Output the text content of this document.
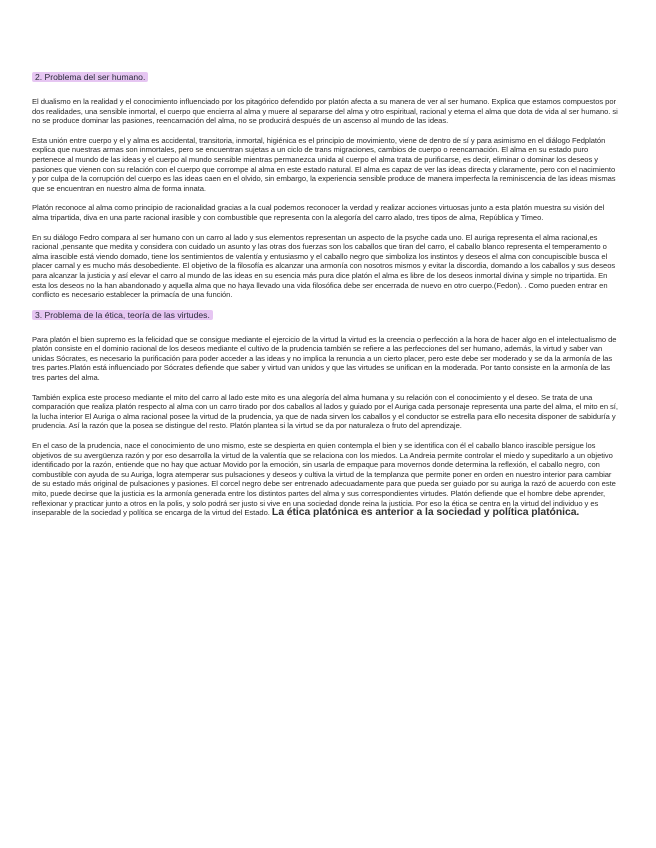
2. Problema del ser humano.

El dualismo en la realidad y el conocimiento influenciado por los pitagórico defendido por platón afecta a su manera de ver al ser humano. Explica que estamos compuestos por dos realidades, una sensible inmortal, el cuerpo que encierra al alma y muere al separarse del alma y otro espiritual, racional y eterna el alma que dota de vida al ser humano. si no se produce dominar las pasiones, reencarnación del alma, no se producirá después de un ascenso al mundo de las ideas.

Esta unión entre cuerpo y el y alma es accidental, transitoria, inmortal, higiénica es el principio de movimiento, viene de dentro de sí y para asimismo en el diálogo Fedplatón explica que nuestras armas son inmortales, pero se encuentran sujetas a un ciclo de trans migraciones, cambios de cuerpo o reencarnación. El alma en su estado puro pertenece al mundo de las ideas y el cuerpo al mundo sensible mientras permanezca unida al cuerpo el alma trata de purificarse, es decir, eliminar o dominar los deseos y pasiones que vienen con su relación con el cuerpo que corrompe al alma en este estado natural. El alma es capaz de ver las ideas directa y claramente, pero con el nacimiento y por culpa de la corrupción del cuerpo es las ideas caen en el olvido, sin embargo, la experiencia sensible produce de manera imperfecta la reminiscencia de las ideas mismas que se encuentran en nuestro alma de forma innata.

Platón reconoce al alma como principio de racionalidad gracias a la cual podemos reconocer la verdad y realizar acciones virtuosas junto a esta platón muestra su visión del alma tripartida, diva en una parte racional irasible y con combustible que representa con la alegoría del carro alado, tres tipos de alma, República y Timeo.

En su diálogo Fedro compara al ser humano con un carro al lado y sus elementos representan un aspecto de la psyche cada uno. El auriga representa el alma racional,es racional ,pensante que medita y considera con cuidado un asunto y las otras dos fuerzas son los caballos que tiran del carro, el caballo blanco representa el temperamento o alma irascible está viendo domado, tiene los sentimientos de valentía y entusiasmo y el caballo negro que simboliza los instintos y deseos el alma con concupiscible busca el placer carnal y es mucho más desobediente. El objetivo de la filosofía es alcanzar una armonía con nosotros mismos y evitar la discordia, domando a los caballos y sus deseos para alcanzar la justicia y así elevar el carro al mundo de las ideas en su esencia más pura dice platón el alma es libre de los deseos inmortal divina y simple no tripartida. En esta los deseos no la han abandonado y aquella alma que no haya llevado una vida filosófica debe ser encerrada de nuevo en otro cuerpo.(Fedon). . Como pueden entrar en conflicto es necesario establecer la primacía de una función.

3. Problema de la ética, teoría de las virtudes.

Para platón el bien supremo es la felicidad que se consigue mediante el ejercicio de la virtud la virtud es la creencia o perfección a la hora de hacer algo en el intelectualismo de platón consiste en el dominio racional de los deseos mediante el cultivo de la prudencia también se refiere a las perfecciones del ser humano, además, la virtud y saber van unidas Sócrates, es necesario la purificación para poder acceder a las ideas y no implica la renuncia a un cierto placer, pero este debe ser moderado y se da la armonía de las tres partes.Platón está influenciado por Sócrates defiende que saber y virtud van unidos y que las virtudes se unifican en la moderada. Por tanto consiste en la armonía de las tres partes del alma.

También explica este proceso mediante el mito del carro al lado este mito es una alegoría del alma humana y su relación con el conocimiento y el deseo. Se trata de una comparación que realiza platón respecto al alma con un carro tirado por dos caballos al lados y guiado por el Auriga cada personaje representa una parte del alma, el mito en sí, la lucha interior El Auriga o alma racional posee la virtud de la prudencia, ya que de nada sirven los caballos y el conductor se estrella para ello necesita disponer de sabiduría y prudencia. Así la razón que la posea se distingue del resto. Platón plantea si la virtud se da por naturaleza o fruto del aprendizaje.

En el caso de la prudencia, nace el conocimiento de uno mismo, este se despierta en quien contempla el bien y se identifica con él el caballo blanco irascible persigue los objetivos de su avergüenza razón y por eso desarrolla la virtud de la valentía que se relaciona con los miedos. La Andreia permite controlar el miedo y supeditarlo a un objetivo identificado por la razón, entiende que no hay que actuar Movido por la emoción, sin usarla de empaque para movernos donde determina la reflexión, el caballo negro, con combustible con ayuda de su Auriga, logra atemperar sus pulsaciones y deseos y cultiva la virtud de la templanza que permite poner en orden en nuestro interior para cambiar de su estado más original de pulsaciones y pasiones. El corcel negro debe ser entrenado adecuadamente para que pueda ser guiado por su auriga la razó de acuerdo con este mito, puede decirse que la justicia es la armonía generada entre los distintos partes del alma y sus correspondientes virtudes. Platón defiende que el hombre debe aprender, reflexionar y practicar junto a otros en la polis, y solo podrá ser justo si vive en una sociedad donde reina la justicia. Por eso la ética se centra en la virtud del individuo y es inseparable de la sociedad y política se encarga de la virtud del Estado. La ética platónica es anterior a la sociedad y política platónica.
